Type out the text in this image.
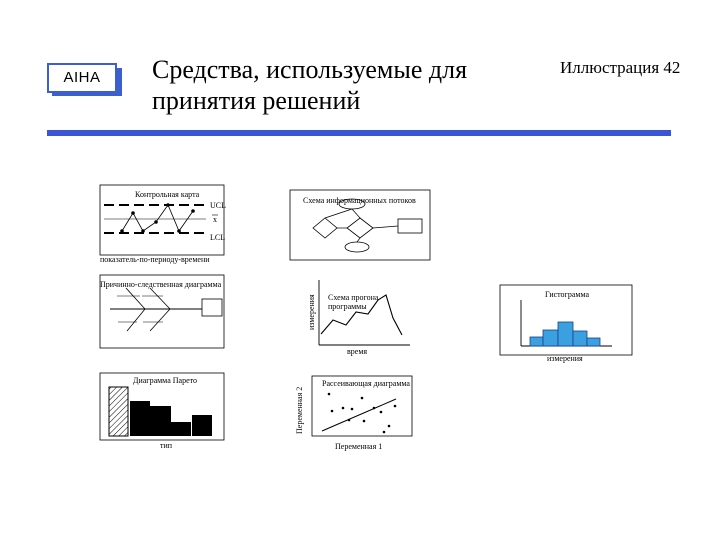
AIHA	Средства, используемые для
принятия решений
Иллюстрация 42
Контрольная карта
UCL
x
LCL
показатель-по-периоду-времени
Схема информационных потоков
Причинно-следственная диаграмма
измерения Схема прогона
программы
время
Гистограмма
измерения
Диаграмма Парето
тип
Переменная 2
Рассеивающая диаграмма
Переменная 1
